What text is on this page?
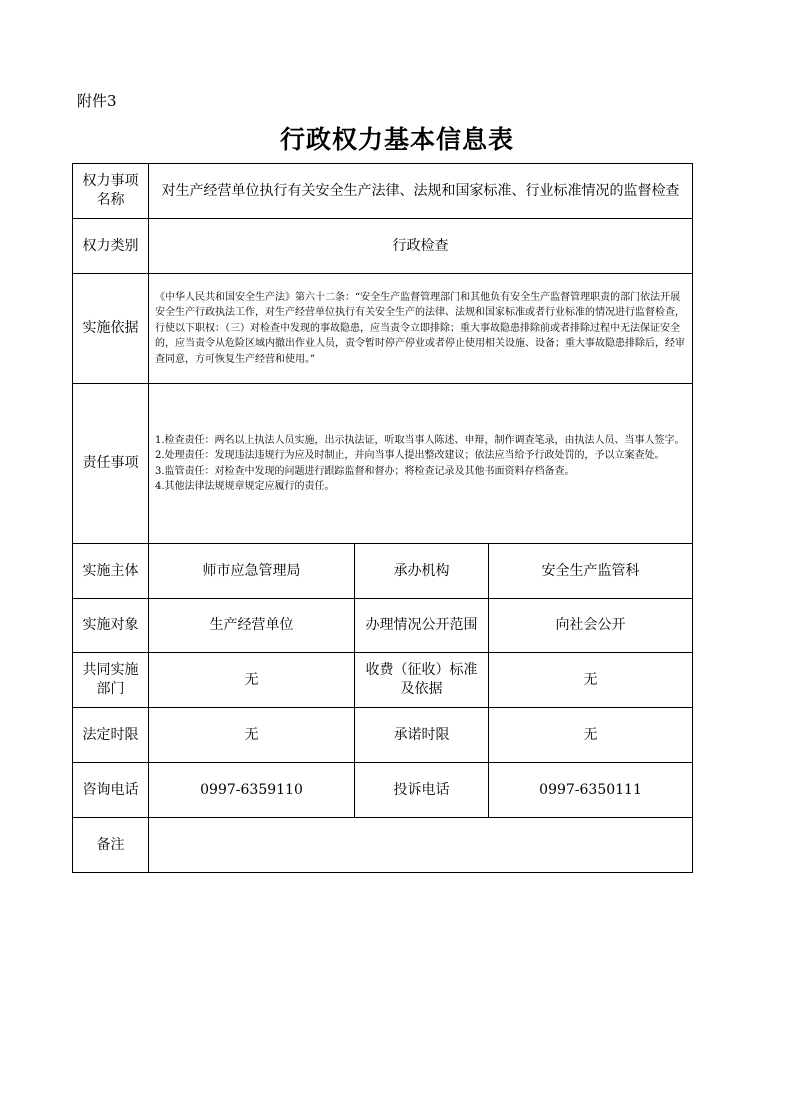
附件3
行政权力基本信息表
权力事项名称	对生产经营单位执行有关安全生产法律、法规和国家标准、行业标准情况的监督检查		
权力类别	行政检查		
实施依据	《中华人民共和国安全生产法》第六十二条：“安全生产监督管理部门和其他负有安全生产监督管理职责的部门依法开展安全生产行政执法工作，对生产经营单位执行有关安全生产的法律、法规和国家标准或者行业标准的情况进行监督检查，行使以下职权：（三）对检查中发现的事故隐患，应当责令立即排除；重大事故隐患排除前或者排除过程中无法保证安全的，应当责令从危险区域内撤出作业人员，责令暂时停产停业或者停止使用相关设施、设备；重大事故隐患排除后，经审查同意，方可恢复生产经营和使用。”		
责任事项	1.检查责任：两名以上执法人员实施，出示执法证，听取当事人陈述、申辩，制作调查笔录，由执法人员、当事人签字。
2.处理责任：发现违法违规行为应及时制止，并向当事人提出整改建议；依法应当给予行政处罚的，予以立案查处。
3.监管责任：对检查中发现的问题进行跟踪监督和督办；将检查记录及其他书面资料存档备查。
4.其他法律法规规章规定应履行的责任。		

实施主体	师市应急管理局	承办机构	安全生产监管科
实施对象	生产经营单位	办理情况公开范围	向社会公开
共同实施部门	无	收费（征收）标准及依据	无
法定时限	无	承诺时限	无
咨询电话	0997-6359110	投诉电话	0997-6350111
备注			
